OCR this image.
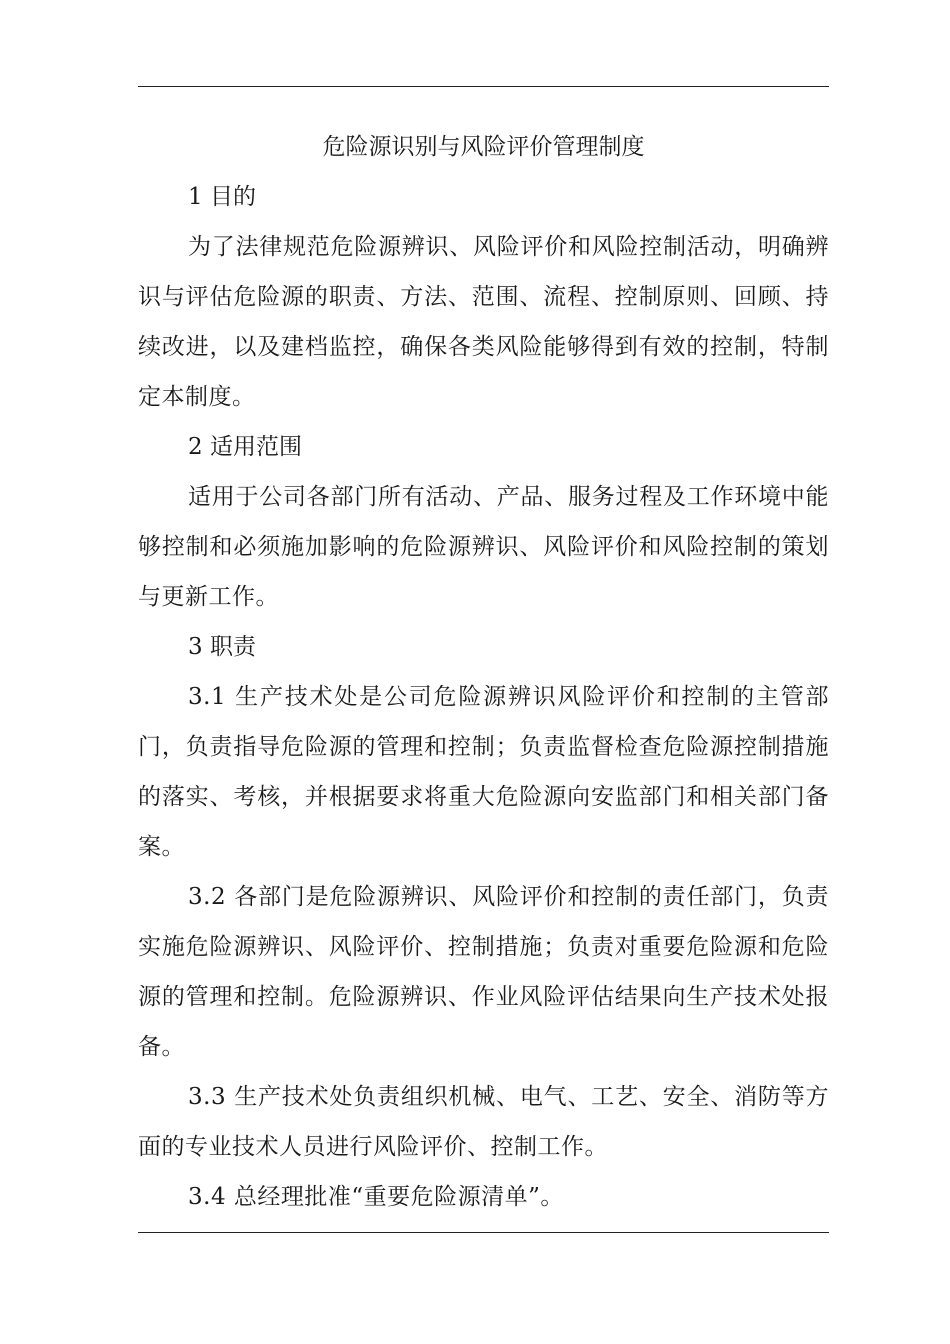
危险源识别与风险评价管理制度

1 目的

为了法律规范危险源辨识、风险评价和风险控制活动，明确辨识与评估危险源的职责、方法、范围、流程、控制原则、回顾、持续改进，以及建档监控，确保各类风险能够得到有效的控制，特制定本制度。

2 适用范围

适用于公司各部门所有活动、产品、服务过程及工作环境中能够控制和必须施加影响的危险源辨识、风险评价和风险控制的策划与更新工作。

3 职责

3.1 生产技术处是公司危险源辨识风险评价和控制的主管部门，负责指导危险源的管理和控制；负责监督检查危险源控制措施的落实、考核，并根据要求将重大危险源向安监部门和相关部门备案。

3.2 各部门是危险源辨识、风险评价和控制的责任部门，负责实施危险源辨识、风险评价、控制措施；负责对重要危险源和危险源的管理和控制。危险源辨识、作业风险评估结果向生产技术处报备。

3.3 生产技术处负责组织机械、电气、工艺、安全、消防等方面的专业技术人员进行风险评价、控制工作。

3.4 总经理批准“重要危险源清单”。
